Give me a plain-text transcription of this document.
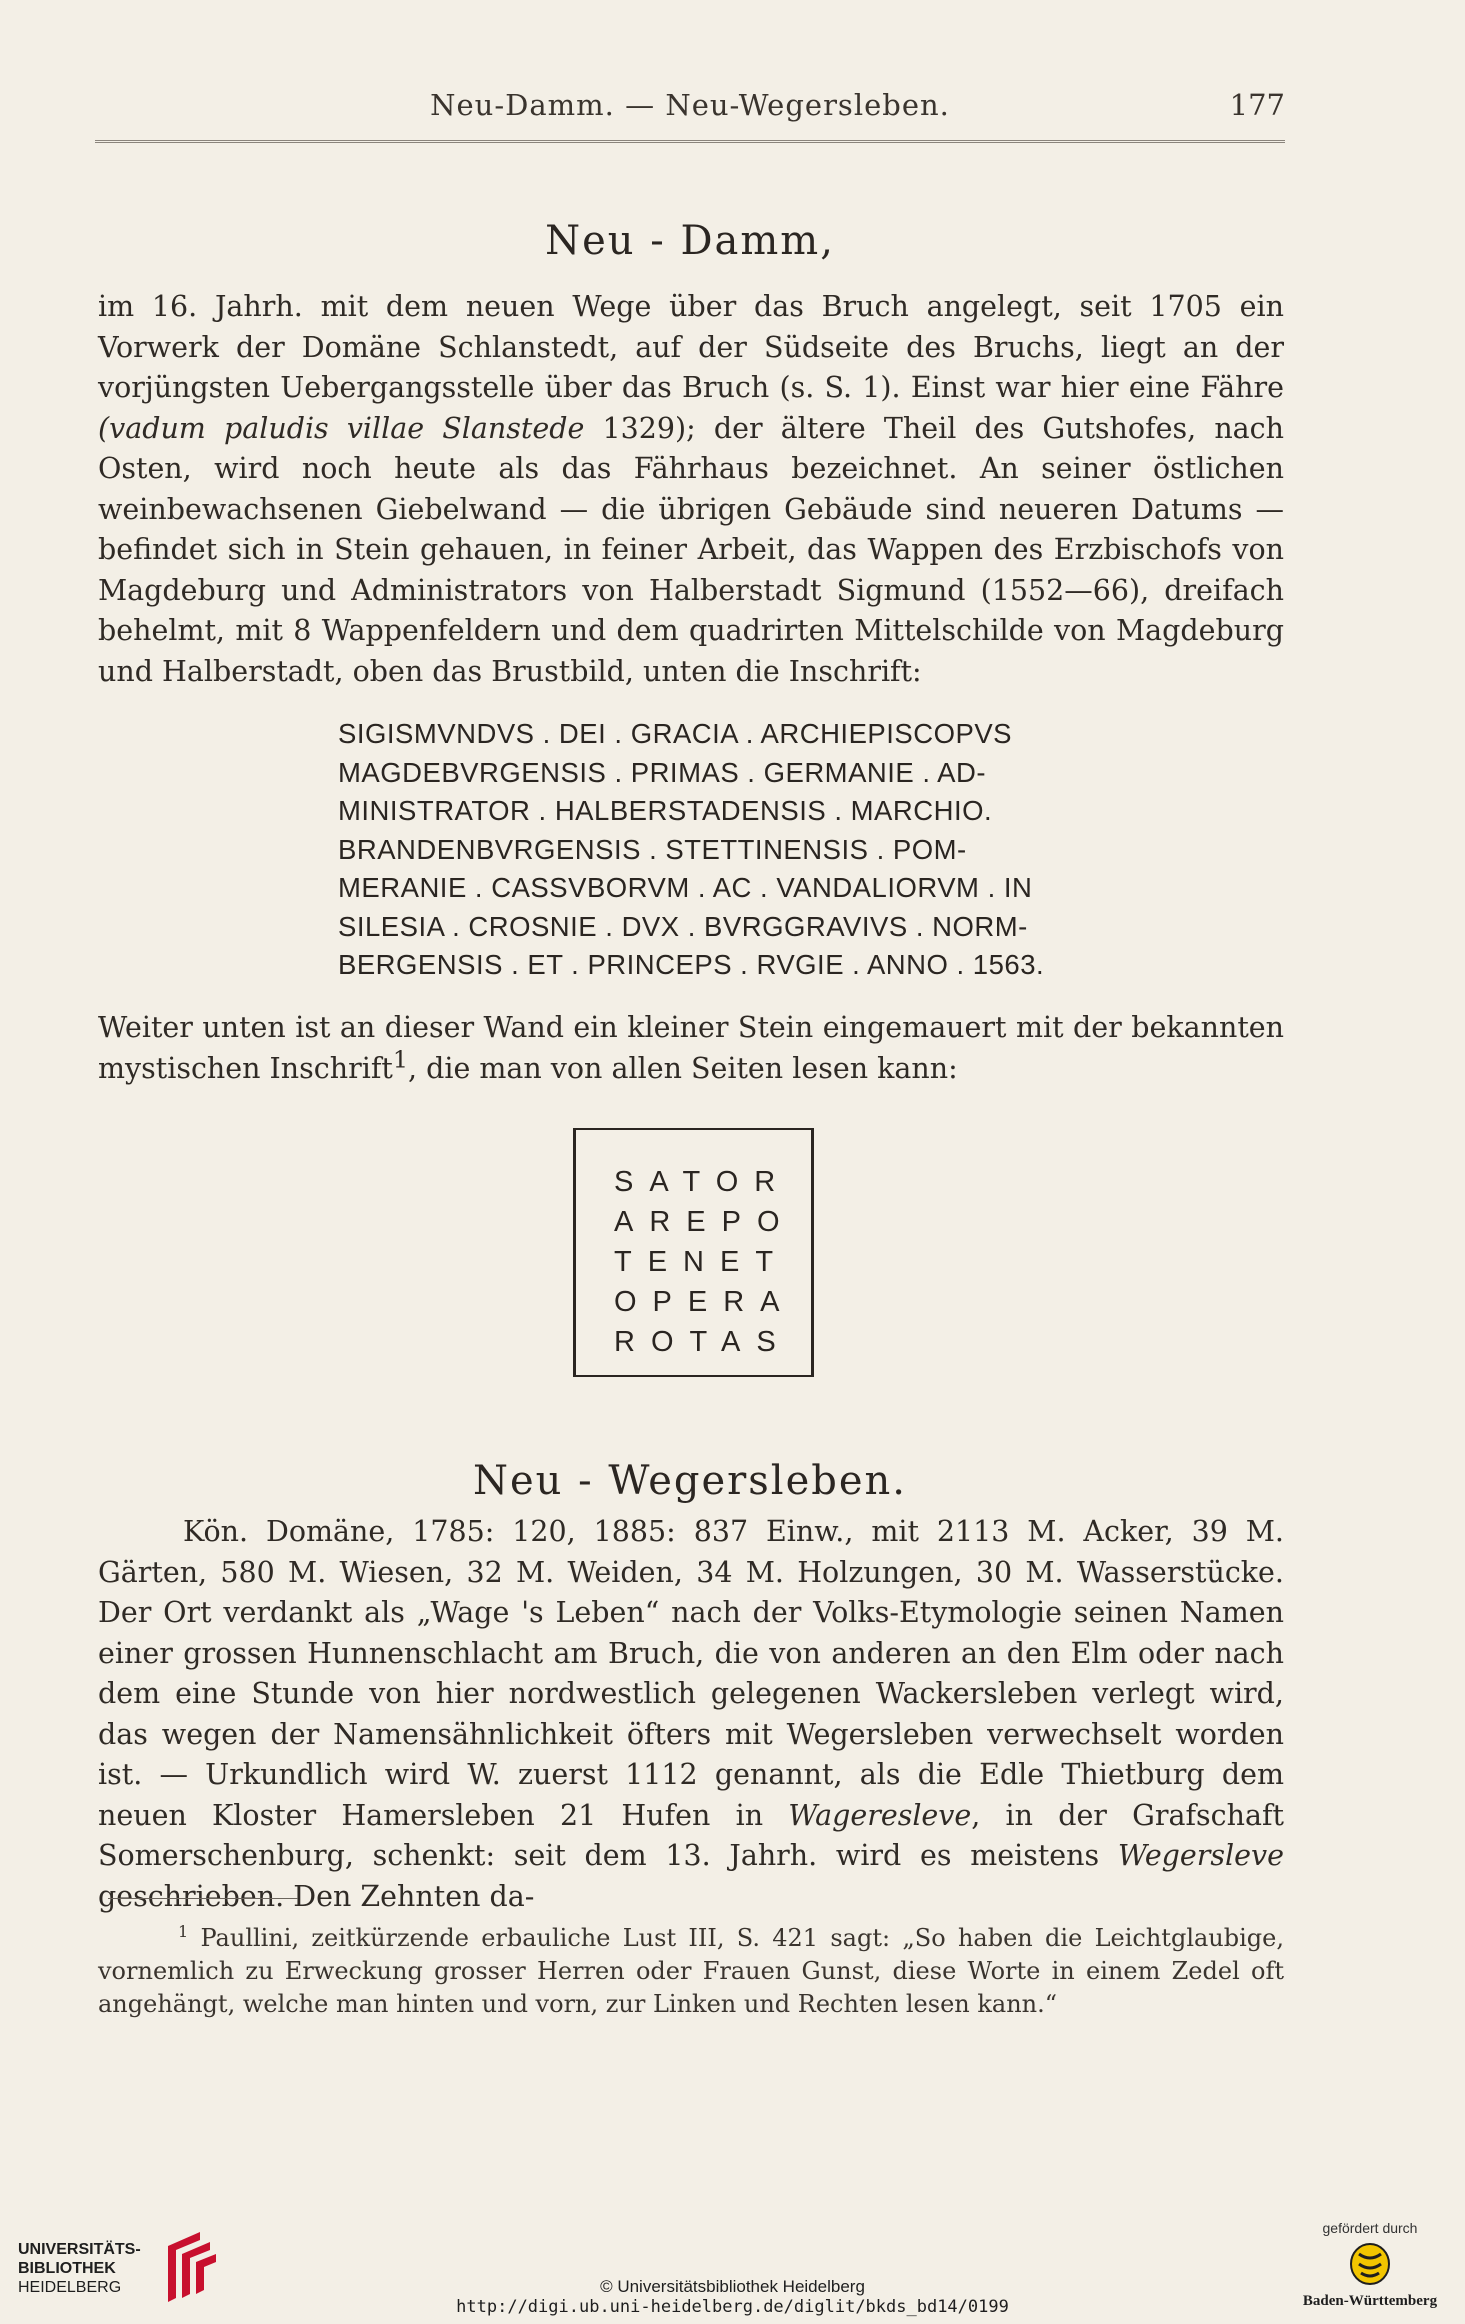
Neu-Damm. — Neu-Wegersleben.	177
Neu - Damm,
im 16. Jahrh. mit dem neuen Wege über das Bruch angelegt, seit 1705 ein Vorwerk der Domäne Schlanstedt, auf der Südseite des Bruchs, liegt an der vorjüngsten Uebergangsstelle über das Bruch (s. S. 1). Einst war hier eine Fähre (vadum paludis villae Slanstede 1329); der ältere Theil des Gutshofes, nach Osten, wird noch heute als das Fährhaus bezeichnet. An seiner östlichen weinbewachsenen Giebelwand — die übrigen Gebäude sind neueren Datums — befindet sich in Stein gehauen, in feiner Arbeit, das Wappen des Erzbischofs von Magdeburg und Administrators von Halberstadt Sigmund (1552—66), dreifach behelmt, mit 8 Wappenfeldern und dem quadrirten Mittelschilde von Magdeburg und Halberstadt, oben das Brustbild, unten die Inschrift:
SIGISMVNDVS . DEI . GRACIA . ARCHIEPISCOPVS
MAGDEBVRGENSIS . PRIMAS . GERMANIE . AD-
MINISTRATOR . HALBERSTADENSIS . MARCHIO.
BRANDENBVRGENSIS . STETTINENSIS . POM-
MERANIE . CASSVBORVM . AC . VANDALIORVM . IN
SILESIA . CROSNIE . DVX . BVRGGRAVIVS . NORM-
BERGENSIS . ET . PRINCEPS . RVGIE . ANNO . 1563.
Weiter unten ist an dieser Wand ein kleiner Stein eingemauert mit der bekannten mystischen Inschrift$^1$, die man von allen Seiten lesen kann:
SATOR
AREPO
TENET
OPERA
ROTAS
Neu - Wegersleben.
Kön. Domäne, 1785: 120, 1885: 837 Einw., mit 2113 M. Acker, 39 M. Gärten, 580 M. Wiesen, 32 M. Weiden, 34 M. Holzungen, 30 M. Wasserstücke. Der Ort verdankt als „Wage 's Leben“ nach der Volks-Etymologie seinen Namen einer grossen Hunnenschlacht am Bruch, die von anderen an den Elm oder nach dem eine Stunde von hier nordwestlich gelegenen Wackersleben verlegt wird, das wegen der Namensähnlichkeit öfters mit Wegersleben verwechselt worden ist. — Urkundlich wird W. zuerst 1112 genannt, als die Edle Thietburg dem neuen Kloster Hamersleben 21 Hufen in Wageresleve, in der Grafschaft Somerschenburg, schenkt: seit dem 13. Jahrh. wird es meistens Wegersleve geschrieben. Den Zehnten da-
$^1$ Paullini, zeitkürzende erbauliche Lust III, S. 421 sagt: „So haben die Leichtglaubige, vornemlich zu Erweckung grosser Herren oder Frauen Gunst, diese Worte in einem Zedel oft angehängt, welche man hinten und vorn, zur Linken und Rechten lesen kann.“
UNIVERSITÄTS-
BIBLIOTHEK
HEIDELBERG	© Universitätsbibliothek Heidelberg
http://digi.ub.uni-heidelberg.de/diglit/bkds_bd14/0199
gefördert durch
Baden-Württemberg
